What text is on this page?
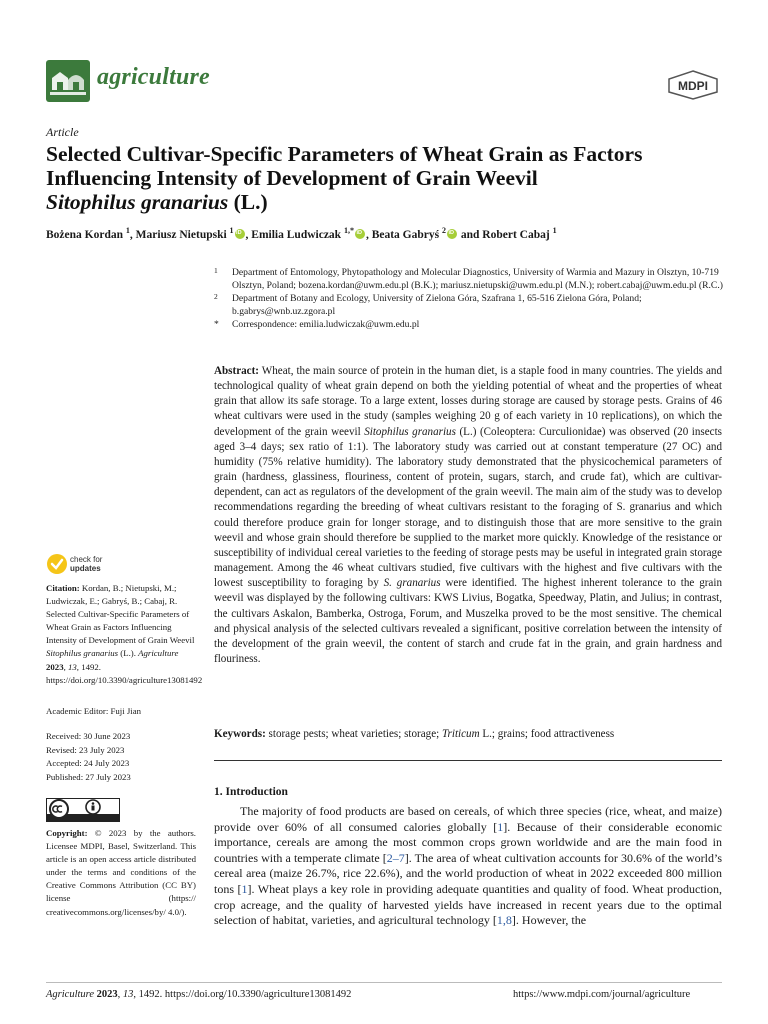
agriculture	MDPI
Article
Selected Cultivar-Specific Parameters of Wheat Grain as Factors
Influencing Intensity of Development of Grain Weevil
Sitophilus granarius (L.)
Bożena Kordan $^1$, Mariusz Nietupski $^1$ iD , Emilia Ludwiczak $^{1,*}$ iD , Beata Gabryś $^2$iD and Robert Cabaj $^1$
1 Department of Entomology, Phytopathology and Molecular Diagnostics, University of Warmia and Mazury in Olsztyn, 10-719 Olsztyn, Poland; bozena.kordan@uwm.edu.pl (B.K.); mariusz.nietupski@uwm.edu.pl (M.N.); robert.cabaj@uwm.edu.pl (R.C.)
2 Department of Botany and Ecology, University of Zielona Góra, Szafrana 1, 65-516 Zielona Góra, Poland; b.gabrys@wnb.uz.zgora.pl
* Correspondence: emilia.ludwiczak@uwm.edu.pl
Abstract: Wheat, the main source of protein in the human diet, is a staple food in many countries. The yields and technological quality of wheat grain depend on both the yielding potential of wheat and the properties of wheat grain that allow its safe storage. To a large extent, losses during storage are caused by storage pests. Grains of 46 wheat cultivars were used in the study (samples weighing 20 g of each variety in 10 replications), on which the development of the grain weevil Sitophilus granarius (L.) (Coleoptera: Curculionidae) was observed (20 insects aged 3–4 days; sex ratio of 1:1). The laboratory study was carried out at constant temperature (27 OC) and humidity (75% relative humidity). The laboratory study demonstrated that the physicochemical parameters of grain (hardness, glassiness, flouriness, content of protein, sugars, starch, and crude fat), which are cultivar-dependent, can act as regulators of the development of the grain weevil. The main aim of the study was to develop recommendations regarding the breeding of wheat cultivars resistant to the foraging of S. granarius and which could therefore produce grain for longer storage, and to distinguish those that are more sensitive to the grain weevil and whose grain should therefore be supplied to the market more quickly. Knowledge of the resistance or susceptibility of individual cereal varieties to the feeding of storage pests may be useful in integrated grain storage management. Among the 46 wheat cultivars studied, five cultivars with the highest and five cultivars with the lowest susceptibility to foraging by S. granarius were identified. The highest inherent tolerance to the grain weevil was displayed by the following cultivars: KWS Livius, Bogatka, Speedway, Platin, and Julius; in contrast, the cultivars Askalon, Bamberka, Ostroga, Forum, and Muszelka proved to be the most sensitive. The chemical and physical analysis of the selected cultivars revealed a significant, positive correlation between the intensity of the development of the grain weevil, the content of starch and crude fat in the grain, and grain hardness and flouriness.
Keywords: storage pests; wheat varieties; storage; Triticum L.; grains; food attractiveness
1. Introduction
The majority of food products are based on cereals, of which three species (rice, wheat, and maize) provide over 60% of all consumed calories globally [1]. Because of their considerable economic importance, cereals are among the most common crops grown worldwide and are the main food in countries with a temperate climate [2–7]. The area of wheat cultivation accounts for 30.6% of the world’s cereal area (maize 26.7%, rice 22.6%), and the world production of wheat in 2022 exceeded 800 million tons [1]. Wheat plays a key role in providing adequate quantities and quality of food. Wheat production, crop acreage, and the quality of harvested yields have increased in recent years due to the optimal selection of habitat, varieties, and agricultural technology [1,8]. However, the
check for
updates
Citation: Kordan, B.; Nietupski, M.; Ludwiczak, E.; Gabryś, B.; Cabaj, R. Selected Cultivar-Specific Parameters of Wheat Grain as Factors Influencing Intensity of Development of Grain Weevil Sitophilus granarius (L.). Agriculture 2023, 13, 1492. https://doi.org/10.3390/agriculture13081492
Academic Editor: Fuji Jian
Received: 30 June 2023
Revised: 23 July 2023
Accepted: 24 July 2023
Published: 27 July 2023
Copyright: © 2023 by the authors. Licensee MDPI, Basel, Switzerland. This article is an open access article distributed under the terms and conditions of the Creative Commons Attribution (CC BY) license (https:// creativecommons.org/licenses/by/ 4.0/).
Agriculture 2023, 13, 1492. https://doi.org/10.3390/agriculture13081492	https://www.mdpi.com/journal/agriculture
